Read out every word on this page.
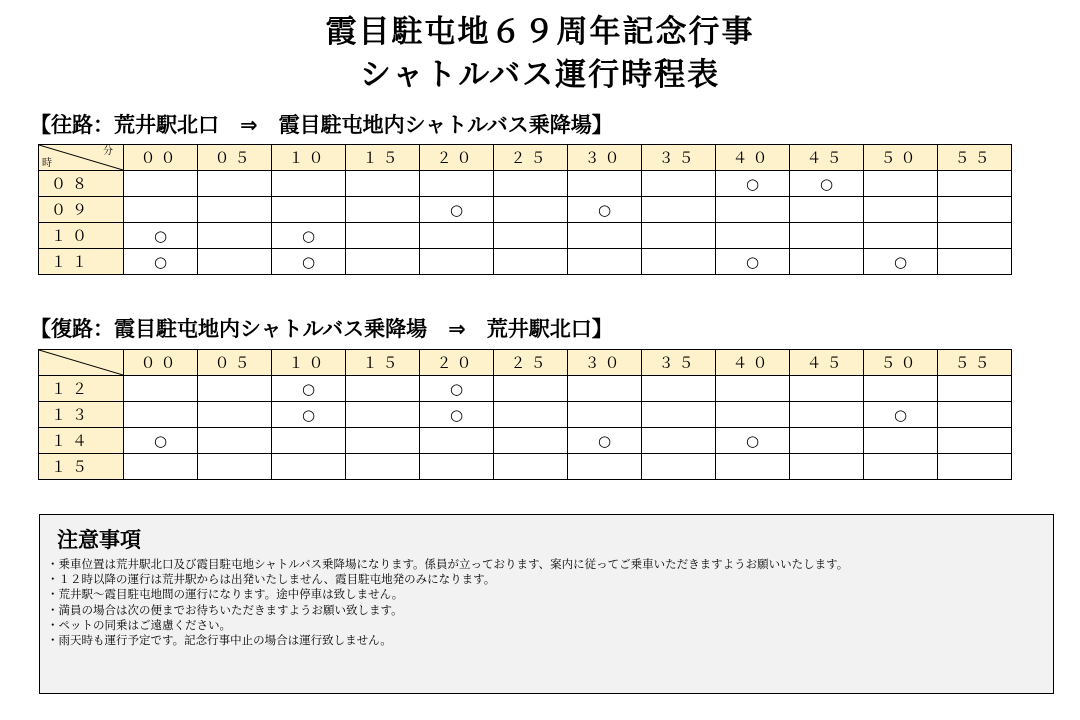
霞目駐屯地６９周年記念行事
シャトルバス運行時程表
【往路：荒井駅北口　⇒　霞目駐屯地内シャトルバス乗降場】
分
時	００	０５	１０	１５	２０	２５	３０	３５	４０	４５	５０	５５
０８									○	○		
０９					○		○					
１０	○		○									
１１	○		○						○		○	
【復路：霞目駐屯地内シャトルバス乗降場　⇒　荒井駅北口】
	００	０５	１０	１５	２０	２５	３０	３５	４０	４５	５０	５５
１２			○		○							
１３			○		○						○	
１４	○						○		○			
１５												
注意事項
・乗車位置は荒井駅北口及び霞目駐屯地シャトルバス乗降場になります。係員が立っております、案内に従ってご乗車いただきますようお願いいたします。
・１２時以降の運行は荒井駅からは出発いたしません、霞目駐屯地発のみになります。
・荒井駅～霞目駐屯地間の運行になります。途中停車は致しません。
・満員の場合は次の便までお待ちいただきますようお願い致します。
・ペットの同乗はご遠慮ください。
・雨天時も運行予定です。記念行事中止の場合は運行致しません。
